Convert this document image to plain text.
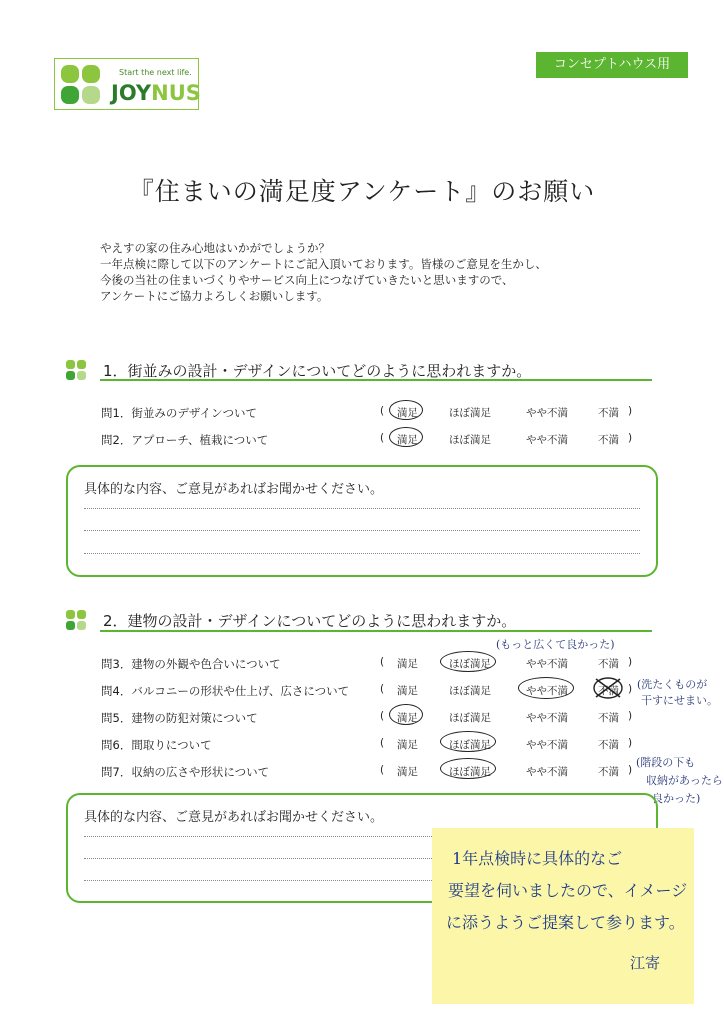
Start the next life.
JOYNUS
コンセプトハウス用
『住まいの満足度アンケート』のお願い
やえすの家の住み心地はいかがでしょうか？
一年点検に際して以下のアンケートにご記入頂いております。皆様のご意見を生かし、
今後の当社の住まいづくりやサービス向上につなげていきたいと思いますので、
アンケートにご協力よろしくお願いします。
1．街並みの設計・デザインについてどのように思われますか。
問1．街並みのデザインついて	( 満足	ほぼ満足	やや不満	不満 )
問2．アプローチ、植栽について	( 満足	ほぼ満足	やや不満	不満 )
具体的な内容、ご意見があればお聞かせください。
2．建物の設計・デザインについてどのように思われますか。
(もっと広くて良かった)
問3．建物の外観や色合いについて	( 満足	ほぼ満足	やや不満	不満 )
問4．バルコニーの形状や仕上げ、広さについて	( 満足	ほぼ満足	やや不満	不満 ) (洗たくものが
干すにせまい。
問5．建物の防犯対策について	( 満足	ほぼ満足	やや不満	不満 )
問6．間取りについて	( 満足	ほぼ満足	やや不満	不満 )
問7．収納の広さや形状について	( 満足	ほぼ満足	やや不満	不満 )
(階段の下も
収納があったら
良かった)
具体的な内容、ご意見があればお聞かせください。
1年点検時に具体的なご
要望を伺いましたので、イメージ
に添うようご提案して参ります。
江寄
